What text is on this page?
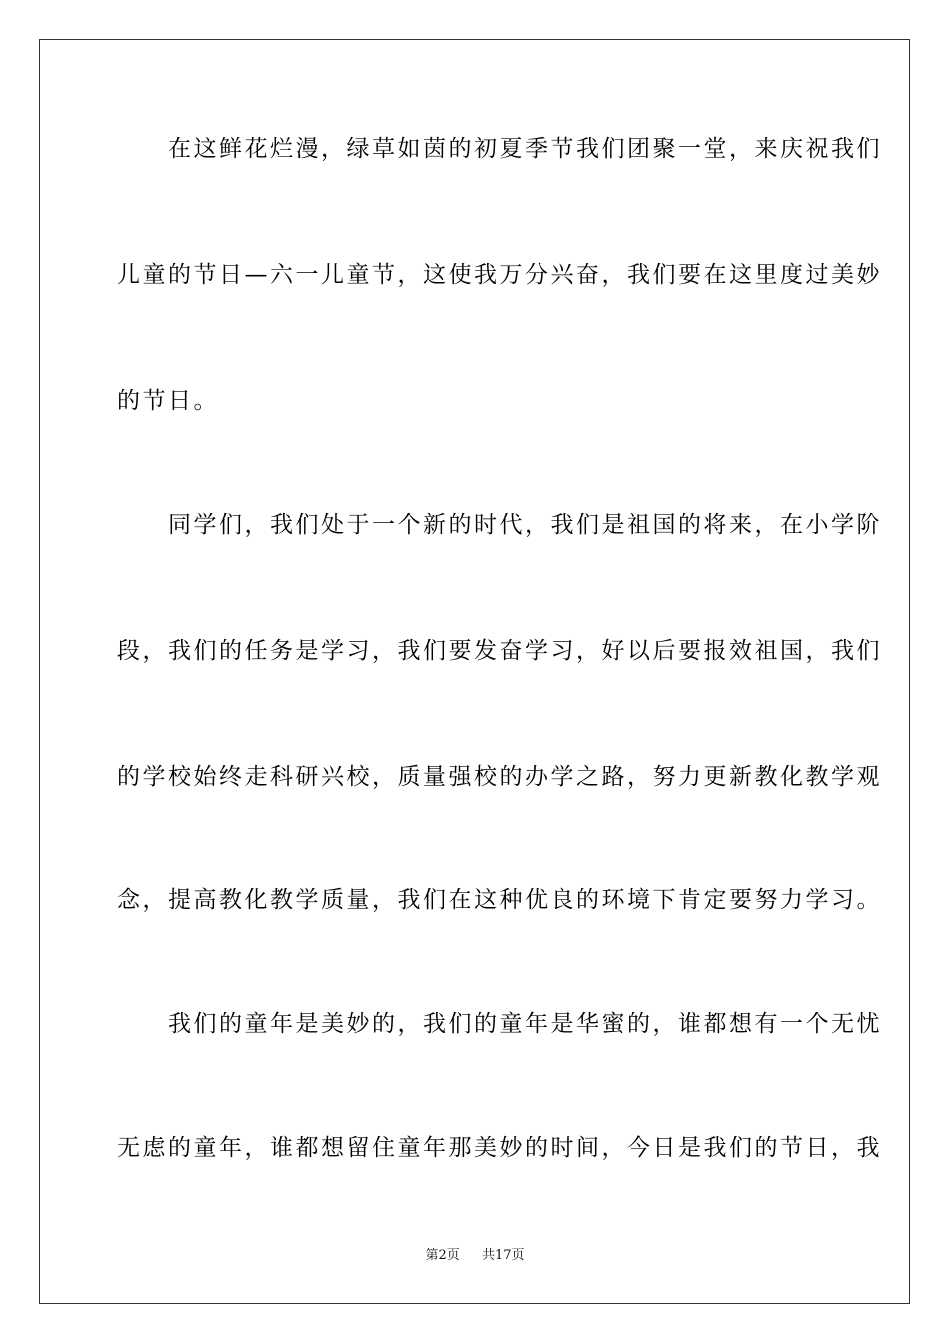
　　在这鲜花烂漫，绿草如茵的初夏季节我们团聚一堂，来庆祝我们
儿童的节日—六一儿童节，这使我万分兴奋，我们要在这里度过美妙
的节日。
　　同学们，我们处于一个新的时代，我们是祖国的将来，在小学阶
段，我们的任务是学习，我们要发奋学习，好以后要报效祖国，我们
的学校始终走科研兴校，质量强校的办学之路，努力更新教化教学观
念，提高教化教学质量，我们在这种优良的环境下肯定要努力学习。
　　我们的童年是美妙的，我们的童年是华蜜的，谁都想有一个无忧
无虑的童年，谁都想留住童年那美妙的时间，今日是我们的节日，我
第2页 共17页
